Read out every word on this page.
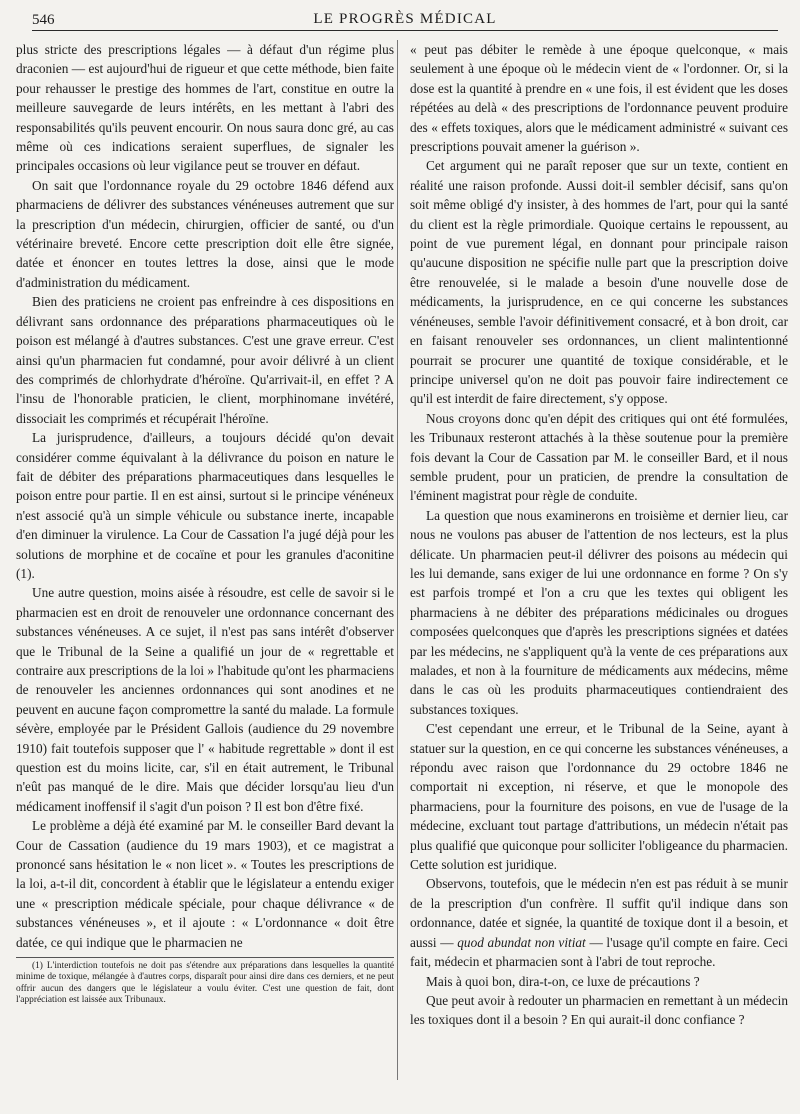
546	LE PROGRÈS MÉDICAL

plus stricte des prescriptions légales — à défaut d'un régime plus draconien — est aujourd'hui de rigueur et que cette méthode, bien faite pour rehausser le prestige des hommes de l'art, constitue en outre la meilleure sauvegarde de leurs intérêts, en les mettant à l'abri des responsabilités qu'ils peuvent encourir. On nous saura donc gré, au cas même où ces indications seraient superflues, de signaler les principales occasions où leur vigilance peut se trouver en défaut.

On sait que l'ordonnance royale du 29 octobre 1846 défend aux pharmaciens de délivrer des substances vénéneuses autrement que sur la prescription d'un médecin, chirurgien, officier de santé, ou d'un vétérinaire breveté. Encore cette prescription doit elle être signée, datée et énoncer en toutes lettres la dose, ainsi que le mode d'administration du médicament.

Bien des praticiens ne croient pas enfreindre à ces dispositions en délivrant sans ordonnance des préparations pharmaceutiques où le poison est mélangé à d'autres substances. C'est une grave erreur. C'est ainsi qu'un pharmacien fut condamné, pour avoir délivré à un client des comprimés de chlorhydrate d'héroïne. Qu'arrivait-il, en effet ? A l'insu de l'honorable praticien, le client, morphinomane invétéré, dissociait les comprimés et récupérait l'héroïne.

La jurisprudence, d'ailleurs, a toujours décidé qu'on devait considérer comme équivalant à la délivrance du poison en nature le fait de débiter des préparations pharmaceutiques dans lesquelles le poison entre pour partie. Il en est ainsi, surtout si le principe vénéneux n'est associé qu'à un simple véhicule ou substance inerte, incapable d'en diminuer la virulence. La Cour de Cassation l'a jugé déjà pour les solutions de morphine et de cocaïne et pour les granules d'aconitine (1).

Une autre question, moins aisée à résoudre, est celle de savoir si le pharmacien est en droit de renouveler une ordonnance concernant des substances vénéneuses. A ce sujet, il n'est pas sans intérêt d'observer que le Tribunal de la Seine a qualifié un jour de « regrettable et contraire aux prescriptions de la loi » l'habitude qu'ont les pharmaciens de renouveler les anciennes ordonnances qui sont anodines et ne peuvent en aucune façon compromettre la santé du malade. La formule sévère, employée par le Président Gallois (audience du 29 novembre 1910) fait toutefois supposer que l' « habitude regrettable » dont il est question est du moins licite, car, s'il en était autrement, le Tribunal n'eût pas manqué de le dire. Mais que décider lorsqu'au lieu d'un médicament inoffensif il s'agit d'un poison ? Il est bon d'être fixé.

Le problème a déjà été examiné par M. le conseiller Bard devant la Cour de Cassation (audience du 19 mars 1903), et ce magistrat a prononcé sans hésitation le « non licet ». « Toutes les prescriptions de la loi, a-t-il dit, concordent à établir que le législateur a entendu exiger une « prescription médicale spéciale, pour chaque délivrance « de substances vénéneuses », et il ajoute : « L'ordonnance « doit être datée, ce qui indique que le pharmacien ne

(1) L'interdiction toutefois ne doit pas s'étendre aux préparations dans lesquelles la quantité minime de toxique, mélangée à d'autres corps, disparaît pour ainsi dire dans ces derniers, et ne peut offrir aucun des dangers que le législateur a voulu éviter. C'est une question de fait, dont l'appréciation est laissée aux Tribunaux.

« peut pas débiter le remède à une époque quelconque, « mais seulement à une époque où le médecin vient de « l'ordonner. Or, si la dose est la quantité à prendre en « une fois, il est évident que les doses répétées au delà « des prescriptions de l'ordonnance peuvent produire des « effets toxiques, alors que le médicament administré « suivant ces prescriptions pouvait amener la guérison ».

Cet argument qui ne paraît reposer que sur un texte, contient en réalité une raison profonde. Aussi doit-il sembler décisif, sans qu'on soit même obligé d'y insister, à des hommes de l'art, pour qui la santé du client est la règle primordiale. Quoique certains le repoussent, au point de vue purement légal, en donnant pour principale raison qu'aucune disposition ne spécifie nulle part que la prescription doive être renouvelée, si le malade a besoin d'une nouvelle dose de médicaments, la jurisprudence, en ce qui concerne les substances vénéneuses, semble l'avoir définitivement consacré, et à bon droit, car en faisant renouveler ses ordonnances, un client malintentionné pourrait se procurer une quantité de toxique considérable, et le principe universel qu'on ne doit pas pouvoir faire indirectement ce qu'il est interdit de faire directement, s'y oppose.

Nous croyons donc qu'en dépit des critiques qui ont été formulées, les Tribunaux resteront attachés à la thèse soutenue pour la première fois devant la Cour de Cassation par M. le conseiller Bard, et il nous semble prudent, pour un praticien, de prendre la consultation de l'éminent magistrat pour règle de conduite.

La question que nous examinerons en troisième et dernier lieu, car nous ne voulons pas abuser de l'attention de nos lecteurs, est la plus délicate. Un pharmacien peut-il délivrer des poisons au médecin qui les lui demande, sans exiger de lui une ordonnance en forme ? On s'y est parfois trompé et l'on a cru que les textes qui obligent les pharmaciens à ne débiter des préparations médicinales ou drogues composées quelconques que d'après les prescriptions signées et datées par les médecins, ne s'appliquent qu'à la vente de ces préparations aux malades, et non à la fourniture de médicaments aux médecins, même dans le cas où les produits pharmaceutiques contiendraient des substances toxiques.

C'est cependant une erreur, et le Tribunal de la Seine, ayant à statuer sur la question, en ce qui concerne les substances vénéneuses, a répondu avec raison que l'ordonnance du 29 octobre 1846 ne comportait ni exception, ni réserve, et que le monopole des pharmaciens, pour la fourniture des poisons, en vue de l'usage de la médecine, excluant tout partage d'attributions, un médecin n'était pas plus qualifié que quiconque pour solliciter l'obligeance du pharmacien. Cette solution est juridique.

Observons, toutefois, que le médecin n'en est pas réduit à se munir de la prescription d'un confrère. Il suffit qu'il indique dans son ordonnance, datée et signée, la quantité de toxique dont il a besoin, et aussi — quod abundat non vitiat — l'usage qu'il compte en faire. Ceci fait, médecin et pharmacien sont à l'abri de tout reproche.

Mais à quoi bon, dira-t-on, ce luxe de précautions ?

Que peut avoir à redouter un pharmacien en remettant à un médecin les toxiques dont il a besoin ? En qui aurait-il donc confiance ?
